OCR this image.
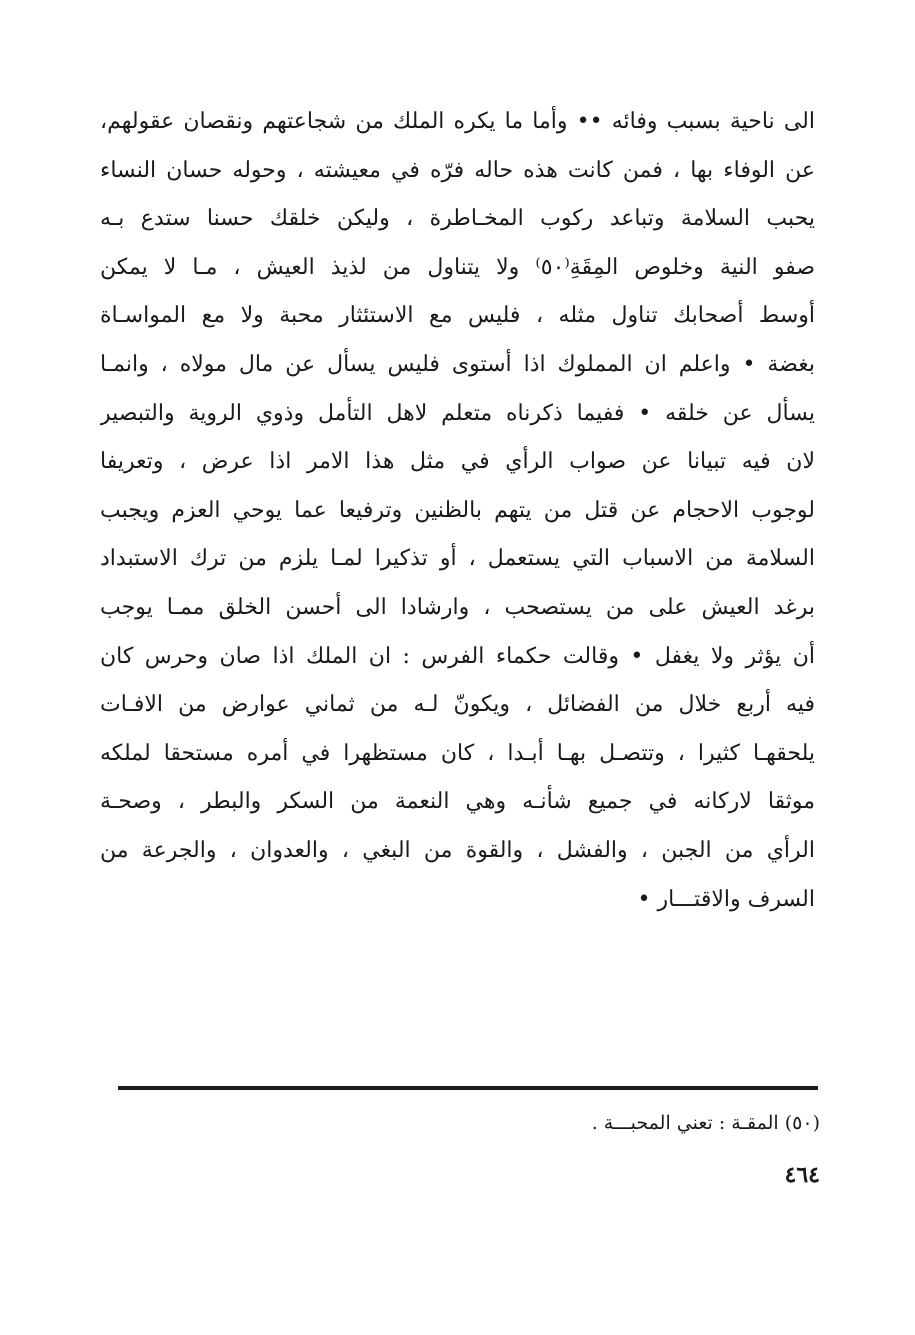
الى ناحية بسبب وفائه •• وأما ما يكره الملك من شجاعتهم ونقصان عقولهم،
عن الوفاء بها ، فمن كانت هذه حاله فرّه في معيشته ، وحوله حسان النساء
يحبب السلامة وتباعد ركوب المخـاطرة ، وليكن خلقك حسنا ستدع بـه
صفو النية وخلوص المِقَةِ⁽٥٠⁾ ولا يتناول من لذيذ العيش ، مـا لا يمكن
أوسط أصحابك تناول مثله ، فليس مع الاستئثار محبة ولا مع المواسـاة
بغضة • واعلم ان المملوك اذا أستوى فليس يسأل عن مال مولاه ، وانمـا
يسأل عن خلقه • ففيما ذكرناه متعلم لاهل التأمل وذوي الروية والتبصير
لان فيه تبيانا عن صواب الرأي في مثل هذا الامر اذا عرض ، وتعريفا
لوجوب الاحجام عن قتل من يتهم بالظنين وترفيعا عما يوحي العزم ويجبب
السلامة من الاسباب التي يستعمل ، أو تذكيرا لمـا يلزم من ترك الاستبداد
برغد العيش على من يستصحب ، وارشادا الى أحسن الخلق ممـا يوجب
أن يؤثر ولا يغفل • وقالت حكماء الفرس : ان الملك اذا صان وحرس كان
فيه أربع خلال من الفضائل ، ويكونّ لـه من ثماني عوارض من الافـات
يلحقهـا كثيرا ، وتتصـل بهـا أبـدا ، كان مستظهرا في أمره مستحقا لملكه
موثقا لاركانه في جميع شأنـه وهي النعمة من السكر والبطر ، وصحـة
الرأي من الجبن ، والفشل ، والقوة من البغي ، والعدوان ، والجرعة من
السرف والاقتـــار •
(٥٠) المقـة : تعني المحبـــة .
٤٦٤
